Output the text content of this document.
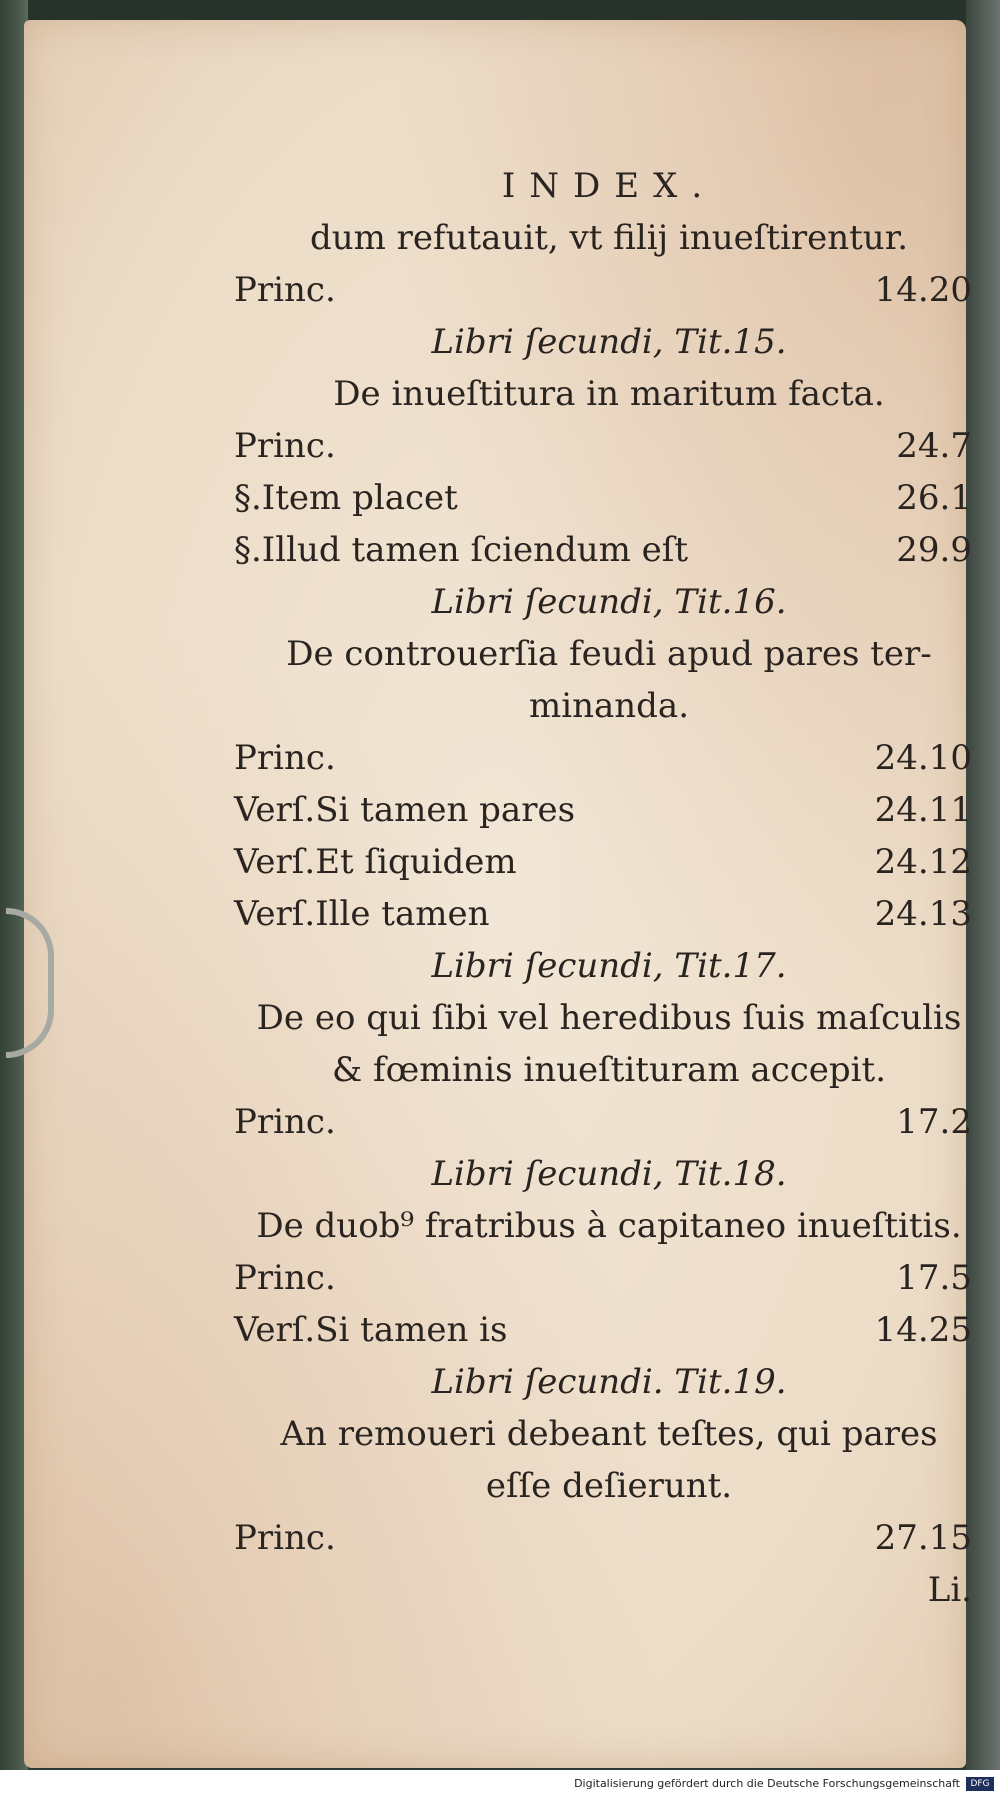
INDEX.
dum refutauit, vt filij inueſtirentur.
Princ.	14.20
Libri ſecundi, Tit.15.
De inueſtitura in maritum facta.
Princ.	24.7
§.Item placet	26.1
§.Illud tamen ſciendum eſt	29.9
Libri ſecundi, Tit.16.
De controuerſia feudi apud pares ter-
minanda.
Princ.	24.10
Verſ.Si tamen pares	24.11
Verſ.Et ſiquidem	24.12
Verſ.Ille tamen	24.13
Libri ſecundi, Tit.17.
De eo qui ſibi vel heredibus ſuis maſculis
& fœminis inueſtituram accepit.
Princ.	17.2
Libri ſecundi, Tit.18.
De duob⁹ fratribus à capitaneo inueſtitis.
Princ.	17.5
Verſ.Si tamen is	14.25
Libri ſecundi. Tit.19.
An remoueri debeant teſtes, qui pares
eſſe deſierunt.
Princ.	27.15
Li.
Digitalisierung gefördert durch die Deutsche Forschungsgemeinschaft	DFG
